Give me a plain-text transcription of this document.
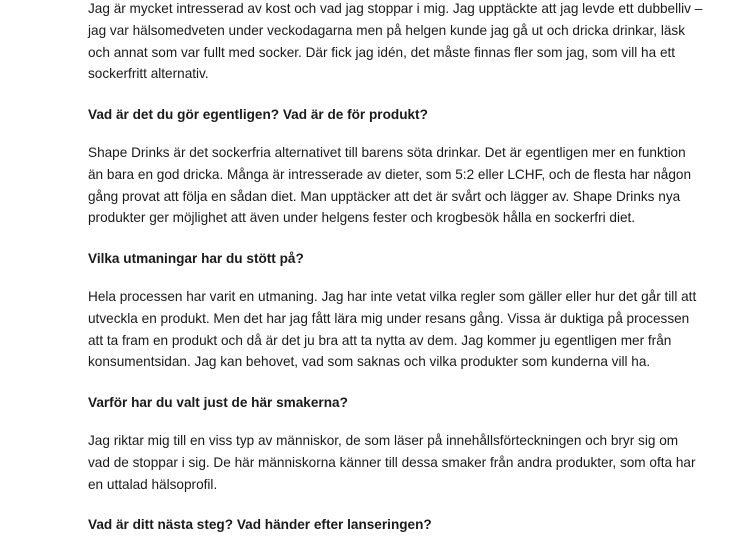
Jag är mycket intresserad av kost och vad jag stoppar i mig. Jag upptäckte att jag levde ett dubbelliv –
jag var hälsomedveten under veckodagarna men på helgen kunde jag gå ut och dricka drinkar, läsk
och annat som var fullt med socker. Där fick jag idén, det måste finnas fler som jag, som vill ha ett
sockerfritt alternativ.

Vad är det du gör egentligen? Vad är de för produkt?

Shape Drinks är det sockerfria alternativet till barens söta drinkar. Det är egentligen mer en funktion
än bara en god dricka. Många är intresserade av dieter, som 5:2 eller LCHF, och de flesta har någon
gång provat att följa en sådan diet. Man upptäcker att det är svårt och lägger av. Shape Drinks nya
produkter ger möjlighet att även under helgens fester och krogbesök hålla en sockerfri diet.

Vilka utmaningar har du stött på?

Hela processen har varit en utmaning. Jag har inte vetat vilka regler som gäller eller hur det går till att
utveckla en produkt. Men det har jag fått lära mig under resans gång. Vissa är duktiga på processen
att ta fram en produkt och då är det ju bra att ta nytta av dem. Jag kommer ju egentligen mer från
konsumentsidan. Jag kan behovet, vad som saknas och vilka produkter som kunderna vill ha.

Varför har du valt just de här smakerna?

Jag riktar mig till en viss typ av människor, de som läser på innehållsförteckningen och bryr sig om
vad de stoppar i sig. De här människorna känner till dessa smaker från andra produkter, som ofta har
en uttalad hälsoprofil.

Vad är ditt nästa steg? Vad händer efter lanseringen?
